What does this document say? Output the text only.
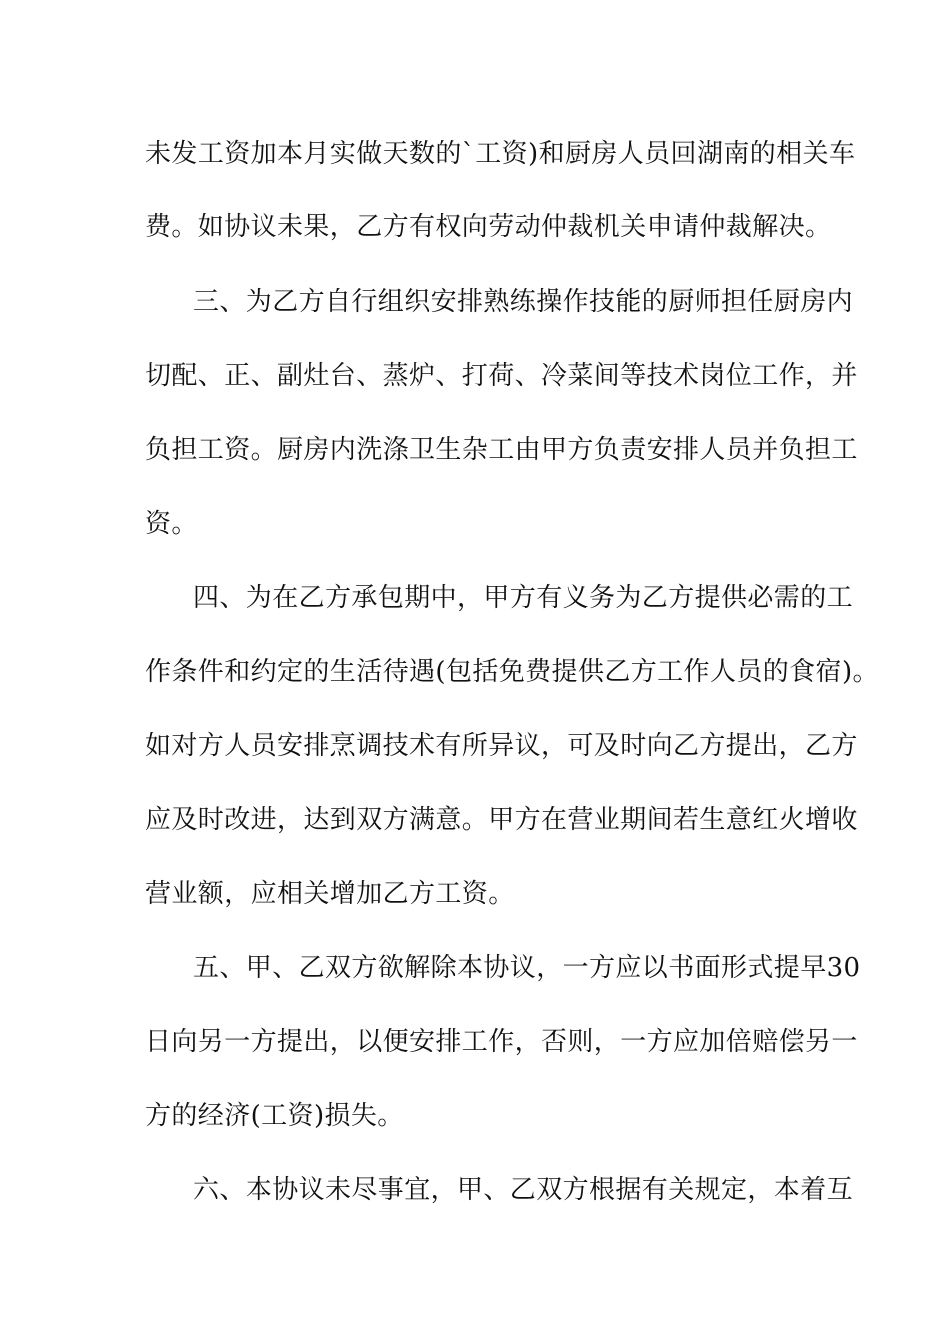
未发工资加本月实做天数的`工资)和厨房人员回湖南的相关车
费。如协议未果，乙方有权向劳动仲裁机关申请仲裁解决。
三、为乙方自行组织安排熟练操作技能的厨师担任厨房内
切配、正、副灶台、蒸炉、打荷、冷菜间等技术岗位工作，并
负担工资。厨房内洗涤卫生杂工由甲方负责安排人员并负担工
资。
四、为在乙方承包期中，甲方有义务为乙方提供必需的工
作条件和约定的生活待遇(包括免费提供乙方工作人员的食宿)。
如对方人员安排烹调技术有所异议，可及时向乙方提出，乙方
应及时改进，达到双方满意。甲方在营业期间若生意红火增收
营业额，应相关增加乙方工资。
五、甲、乙双方欲解除本协议，一方应以书面形式提早30
日向另一方提出，以便安排工作，否则，一方应加倍赔偿另一
方的经济(工资)损失。
六、本协议未尽事宜，甲、乙双方根据有关规定，本着互
